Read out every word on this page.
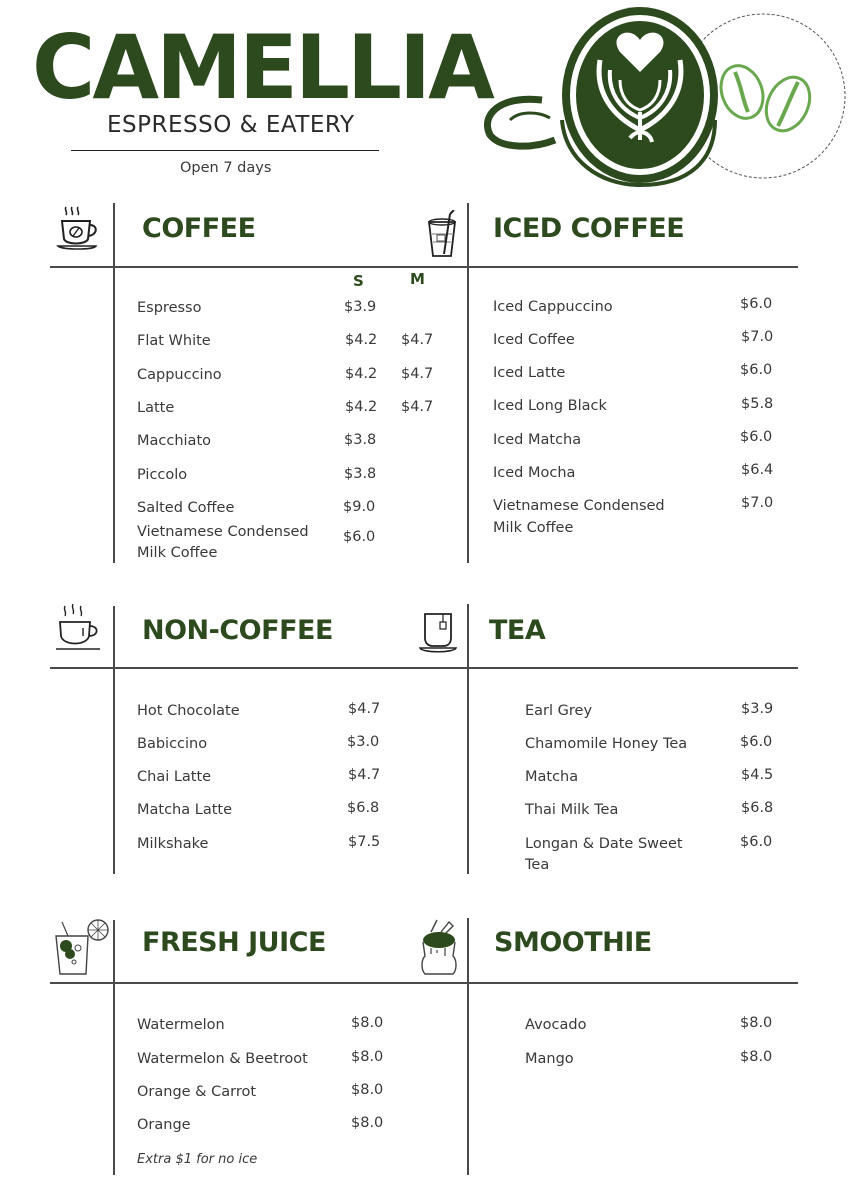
CAMELLIA
ESPRESSO & EATERY
Open 7 days
COFFEE
S	M
Espresso	$3.9
Flat White	$4.2 $4.7
Cappuccino	$4.2 $4.7
Latte	$4.2 $4.7
Macchiato	$3.8
Piccolo	$3.8
Salted Coffee	$9.0
Vietnamese Condensed
Milk Coffee
$6.0
ICED COFFEE
Iced Cappuccino	$6.0
Iced Coffee	$7.0
Iced Latte	$6.0
Iced Long Black	$5.8
Iced Matcha	$6.0
Iced Mocha	$6.4
Vietnamese Condensed
Milk Coffee
$7.0
NON-COFFEE
Hot Chocolate	$4.7
Babiccino	$3.0
Chai Latte	$4.7
Matcha Latte	$6.8
Milkshake	$7.5
TEA
Earl Grey	$3.9
Chamomile Honey Tea	$6.0
Matcha	$4.5
Thai Milk Tea	$6.8
Longan & Date Sweet
Tea
$6.0
FRESH JUICE
Watermelon	$8.0
Watermelon & Beetroot	$8.0
Orange & Carrot	$8.0
Orange	$8.0
Extra $1 for no ice
SMOOTHIE
Avocado	$8.0
Mango	$8.0
